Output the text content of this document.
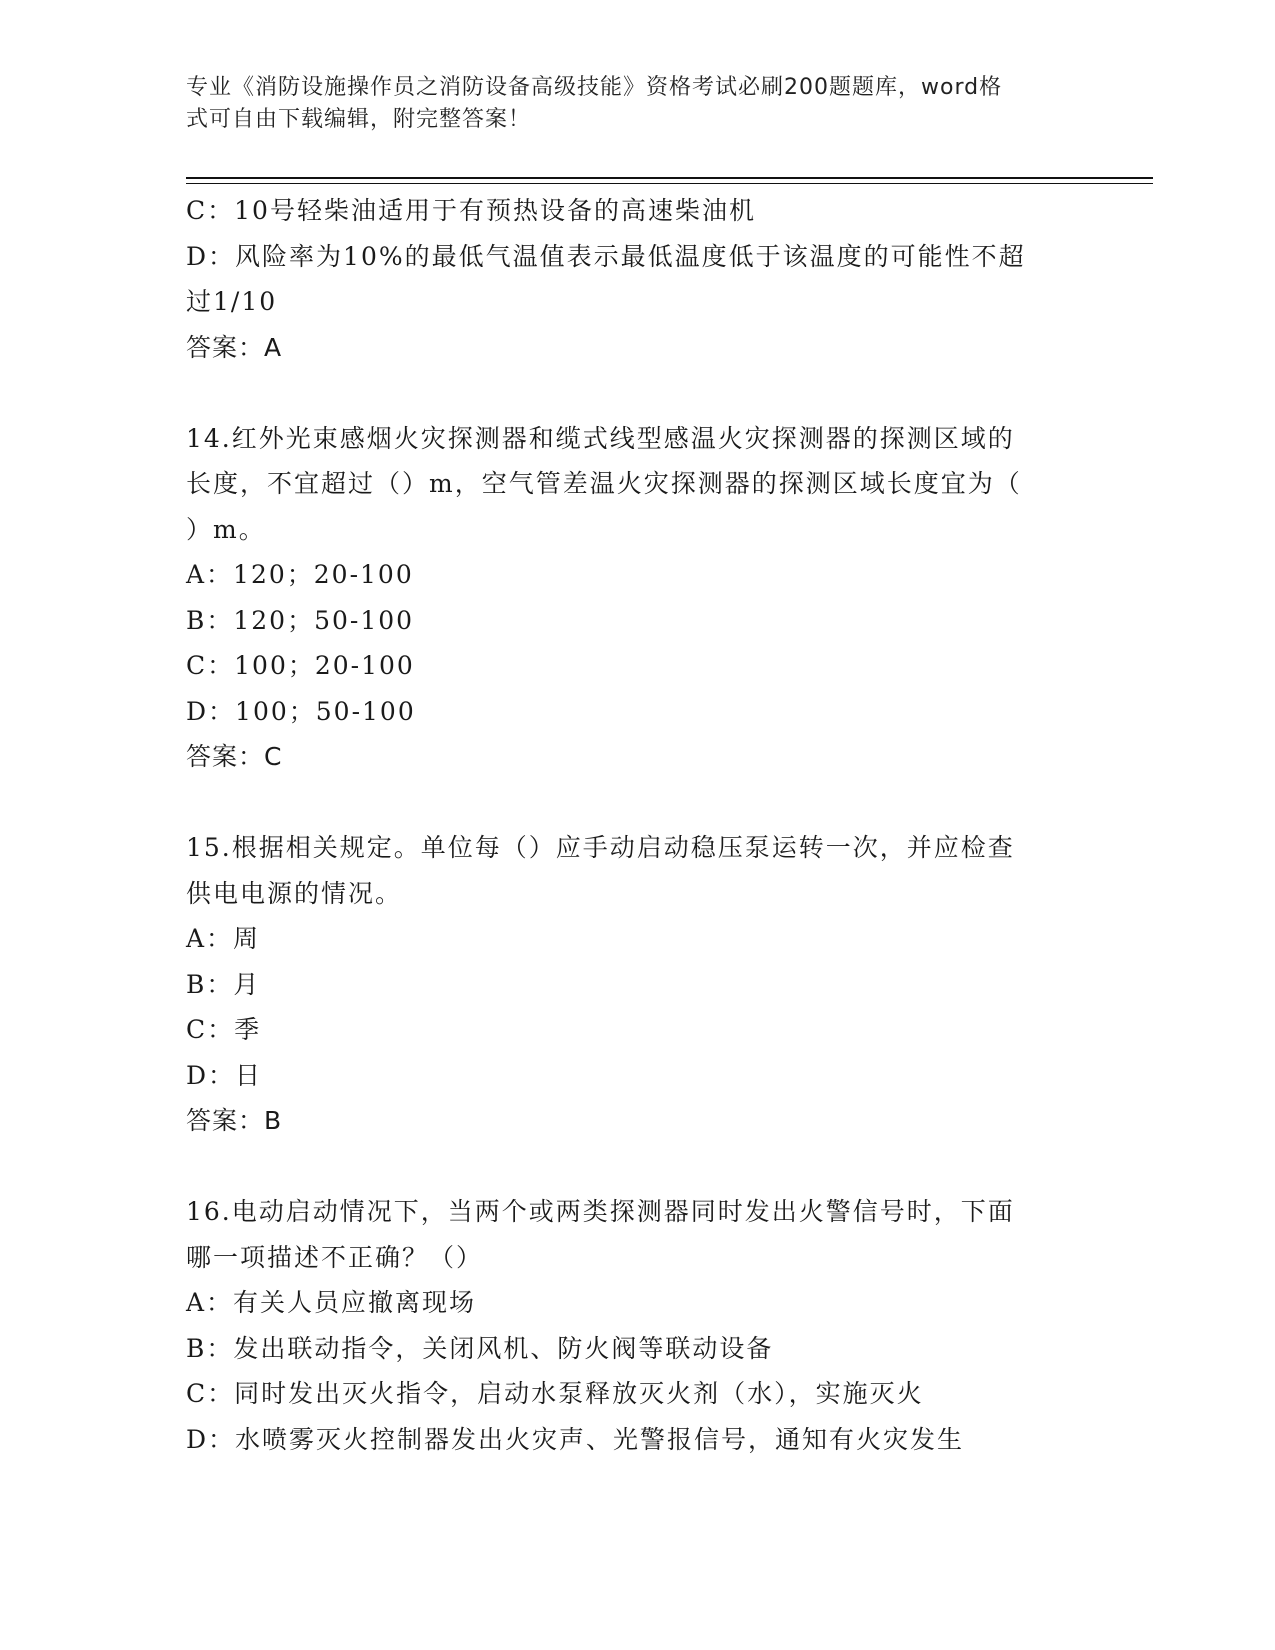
专业《消防设施操作员之消防设备高级技能》资格考试必刷200题题库，word格
式可自由下载编辑，附完整答案！
C：10号轻柴油适用于有预热设备的高速柴油机
D：风险率为10%的最低气温值表示最低温度低于该温度的可能性不超
过1/10
答案：A
14.红外光束感烟火灾探测器和缆式线型感温火灾探测器的探测区域的
长度，不宜超过（）m，空气管差温火灾探测器的探测区域长度宜为（
）m。
A：120；20-100
B：120；50-100
C：100；20-100
D：100；50-100
答案：C
15.根据相关规定。单位每（）应手动启动稳压泵运转一次，并应检查
供电电源的情况。
A：周
B：月
C：季
D：日
答案：B
16.电动启动情况下，当两个或两类探测器同时发出火警信号时，下面
哪一项描述不正确？（）
A：有关人员应撤离现场
B：发出联动指令，关闭风机、防火阀等联动设备
C：同时发出灭火指令，启动水泵释放灭火剂（水），实施灭火
D：水喷雾灭火控制器发出火灾声、光警报信号，通知有火灾发生
